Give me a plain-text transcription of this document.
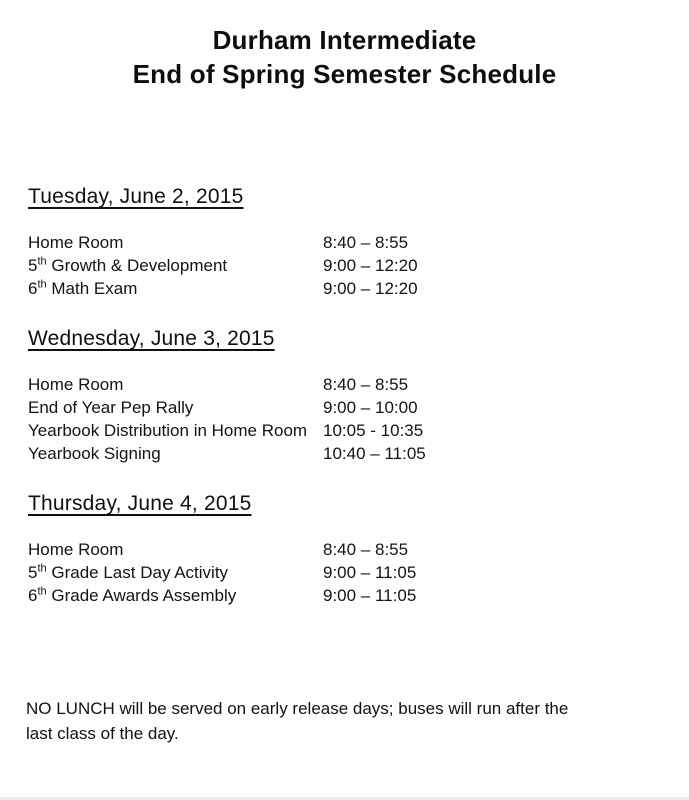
Durham Intermediate
End of Spring Semester Schedule
Tuesday, June 2, 2015
Home Room	8:40 – 8:55
5th Growth & Development	9:00 – 12:20
6th Math Exam	9:00 – 12:20
Wednesday, June 3, 2015
Home Room	8:40 – 8:55
End of Year Pep Rally	9:00 – 10:00
Yearbook Distribution in Home Room 10:05 - 10:35
Yearbook Signing	10:40 – 11:05
Thursday, June 4, 2015
Home Room	8:40 – 8:55
5th Grade Last Day Activity	9:00 – 11:05
6th Grade Awards Assembly	9:00 – 11:05
NO LUNCH will be served on early release days; buses will run after the
last class of the day.
